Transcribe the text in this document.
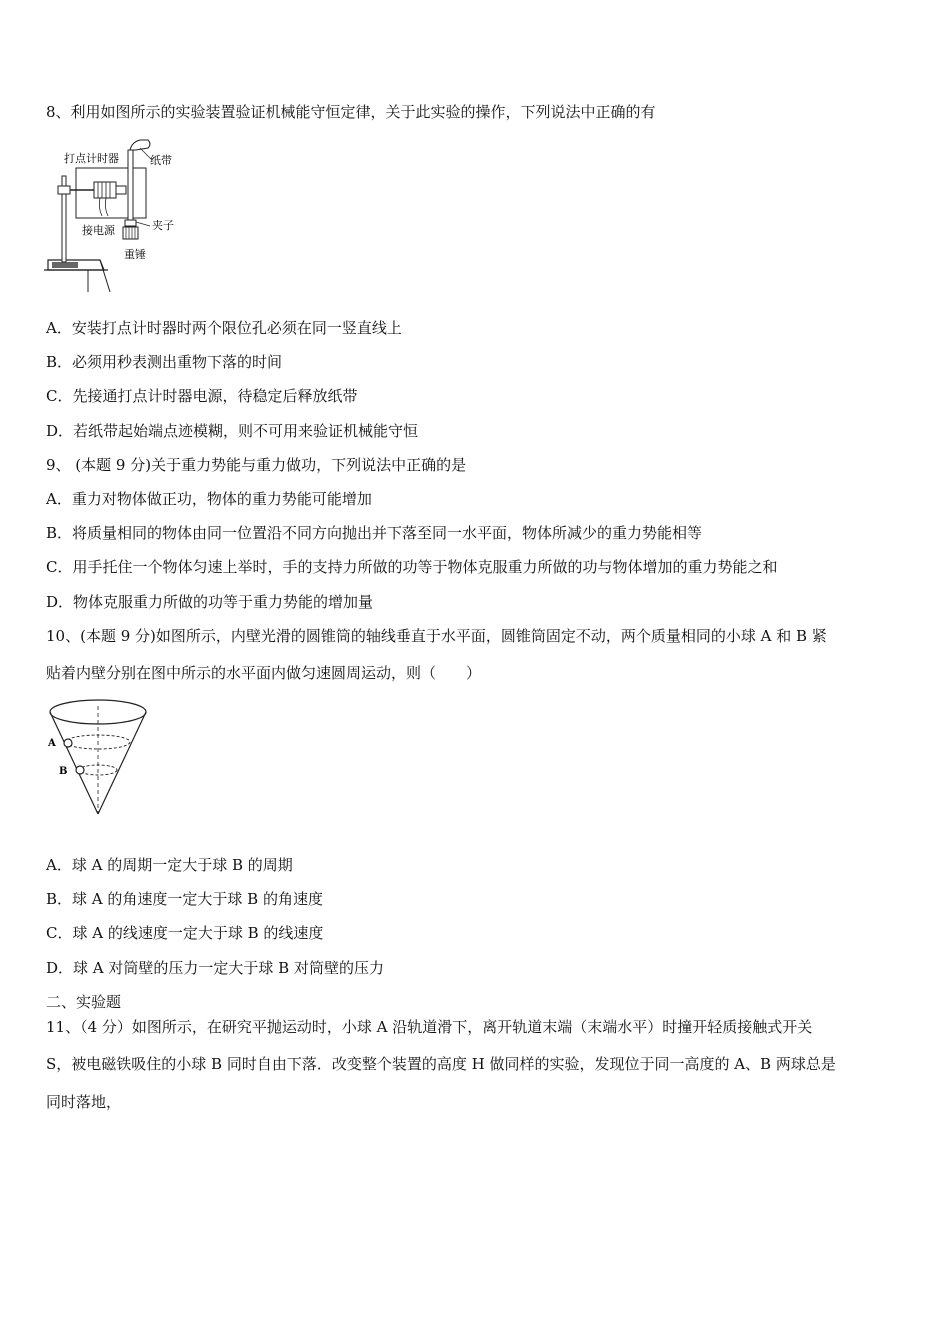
8、利用如图所示的实验装置验证机械能守恒定律，关于此实验的操作，下列说法中正确的有
打点计时器	纸带
夹子
接电源
重锤
A．安装打点计时器时两个限位孔必须在同一竖直线上
B．必须用秒表测出重物下落的时间
C．先接通打点计时器电源，待稳定后释放纸带
D．若纸带起始端点迹模糊，则不可用来验证机械能守恒
9、 (本题 9 分)关于重力势能与重力做功，下列说法中正确的是
A．重力对物体做正功，物体的重力势能可能增加
B．将质量相同的物体由同一位置沿不同方向抛出并下落至同一水平面，物体所减少的重力势能相等
C．用手托住一个物体匀速上举时，手的支持力所做的功等于物体克服重力所做的功与物体增加的重力势能之和
D．物体克服重力所做的功等于重力势能的增加量
10、(本题 9 分)如图所示，内壁光滑的圆锥筒的轴线垂直于水平面，圆锥筒固定不动，两个质量相同的小球 A 和 B 紧
贴着内壁分别在图中所示的水平面内做匀速圆周运动，则（　　）
A
B
A．球 A 的周期一定大于球 B 的周期
B．球 A 的角速度一定大于球 B 的角速度
C．球 A 的线速度一定大于球 B 的线速度
D．球 A 对筒壁的压力一定大于球 B 对筒壁的压力
二、实验题
11、（4 分）如图所示，在研究平抛运动时，小球 A 沿轨道滑下，离开轨道末端（末端水平）时撞开轻质接触式开关
S，被电磁铁吸住的小球 B 同时自由下落．改变整个装置的高度 H 做同样的实验，发现位于同一高度的 A、B 两球总是
同时落地，
